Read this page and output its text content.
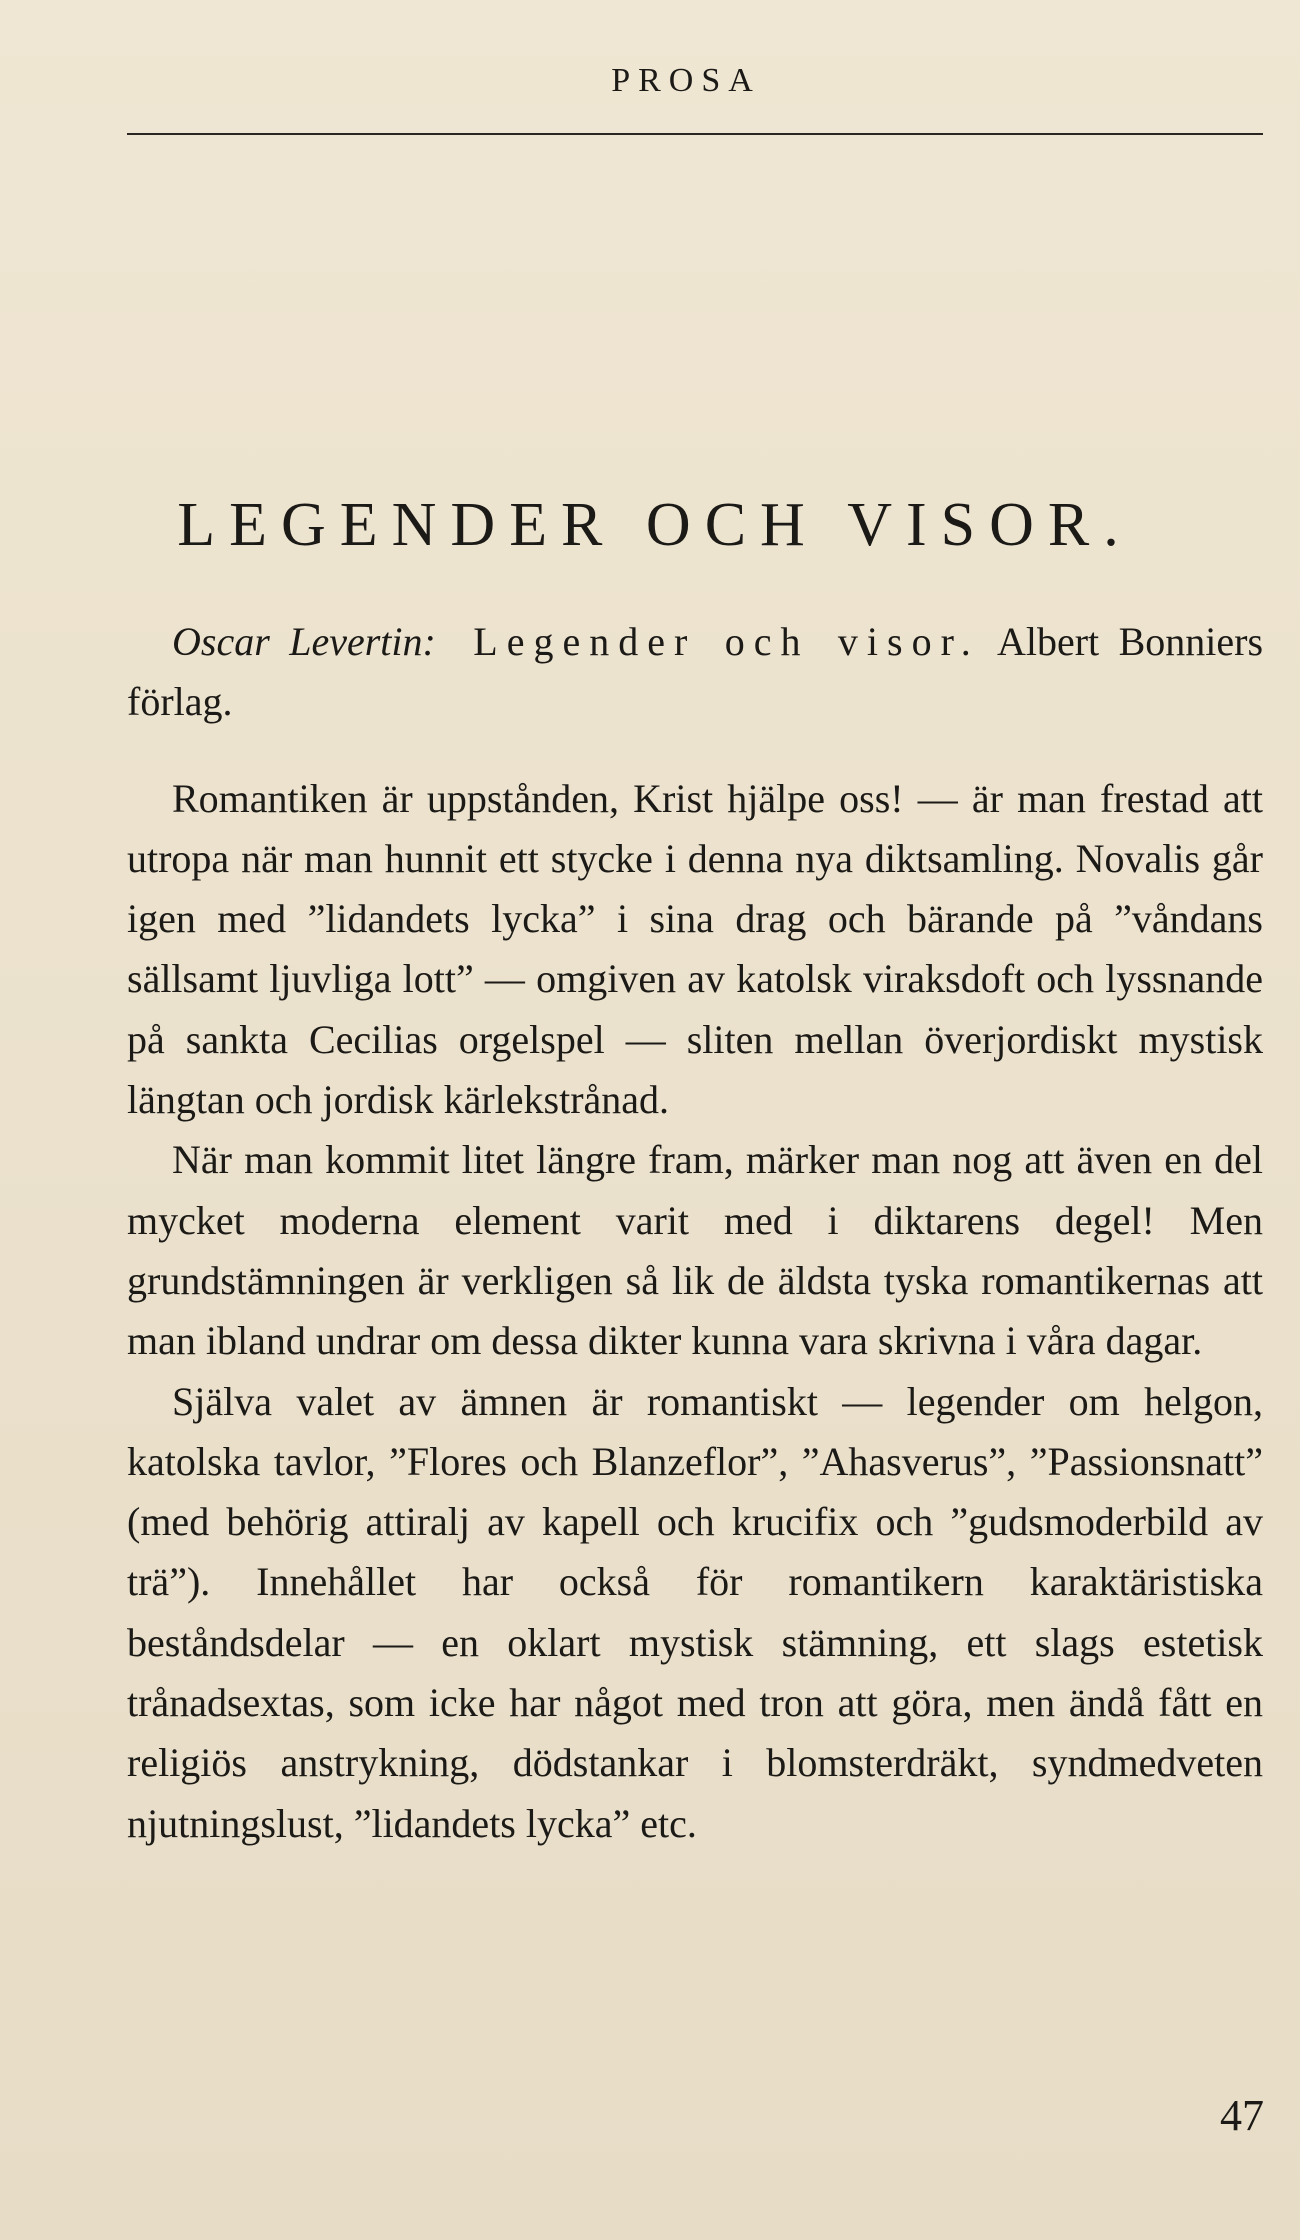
PROSA
LEGENDER OCH VISOR.

Oscar Levertin: Legender och visor. Albert Bonniers förlag.

Romantiken är uppstånden, Krist hjälpe oss! — är man frestad att utropa när man hunnit ett stycke i denna nya diktsamling. Novalis går igen med ”lidandets lycka” i sina drag och bärande på ”våndans sällsamt ljuvliga lott” — omgiven av katolsk viraksdoft och lyssnande på sankta Cecilias orgelspel — sliten mellan överjordiskt mystisk längtan och jordisk kärlekstrånad.

När man kommit litet längre fram, märker man nog att även en del mycket moderna element varit med i diktarens degel! Men grundstämningen är verkligen så lik de äldsta tyska romantikernas att man ibland undrar om dessa dikter kunna vara skrivna i våra dagar.

Själva valet av ämnen är romantiskt — legender om helgon, katolska tavlor, ”Flores och Blanzeflor”, ”Ahasverus”, ”Passionsnatt” (med behörig attiralj av kapell och krucifix och ”gudsmoderbild av trä”). Innehållet har också för romantikern karaktäristiska beståndsdelar — en oklart mystisk stämning, ett slags estetisk trånadsextas, som icke har något med tron att göra, men ändå fått en religiös anstrykning, dödstankar i blomsterdräkt, syndmedveten njutningslust, ”lidandets lycka” etc.

47
